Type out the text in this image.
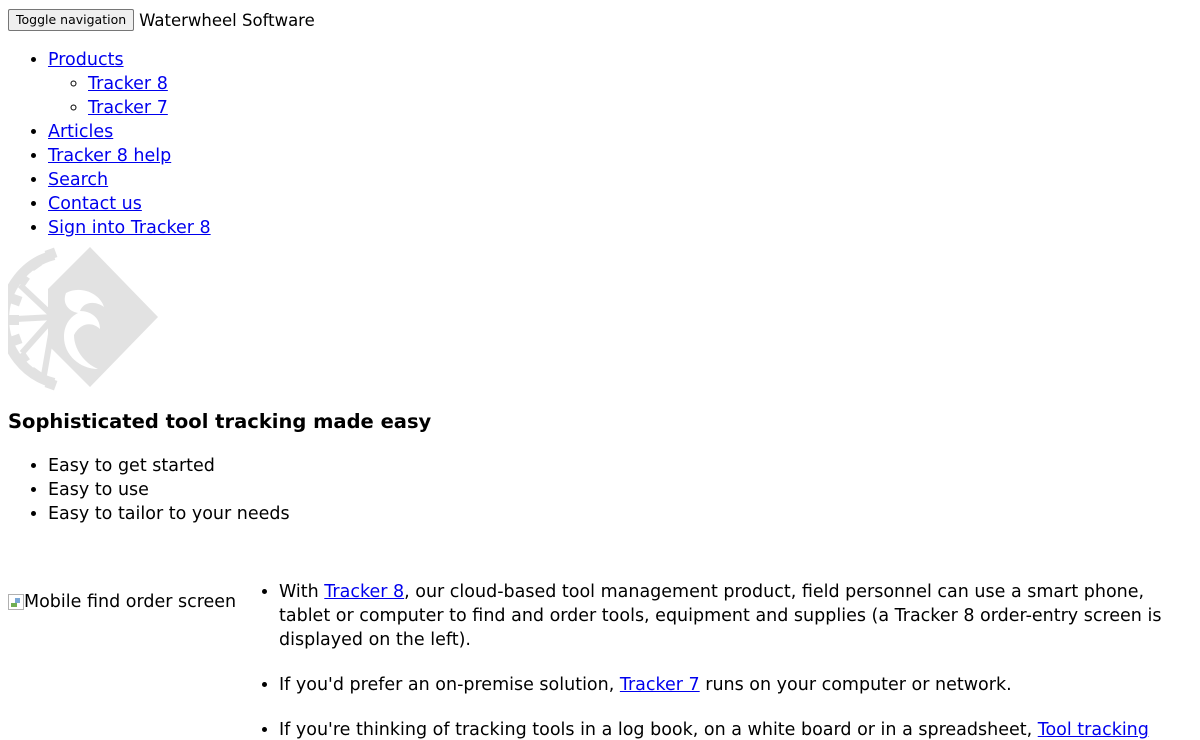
Toggle navigation Waterwheel Software
• Products
◦ Tracker 8
◦ Tracker 7
• Articles
• Tracker 8 help
• Search
• Contact us
• Sign into Tracker 8
Sophisticated tool tracking made easy
• Easy to get started
• Easy to use
• Easy to tailor to your needs
Mobile find order screen
• With Tracker 8, our cloud-based tool management product, field personnel can use a smart phone, tablet or computer to find and order tools, equipment and supplies (a Tracker 8 order-entry screen is displayed on the left).
• If you'd prefer an on-premise solution, Tracker 7 runs on your computer or network.
• If you're thinking of tracking tools in a log book, on a white board or in a spreadsheet, Tool tracking
